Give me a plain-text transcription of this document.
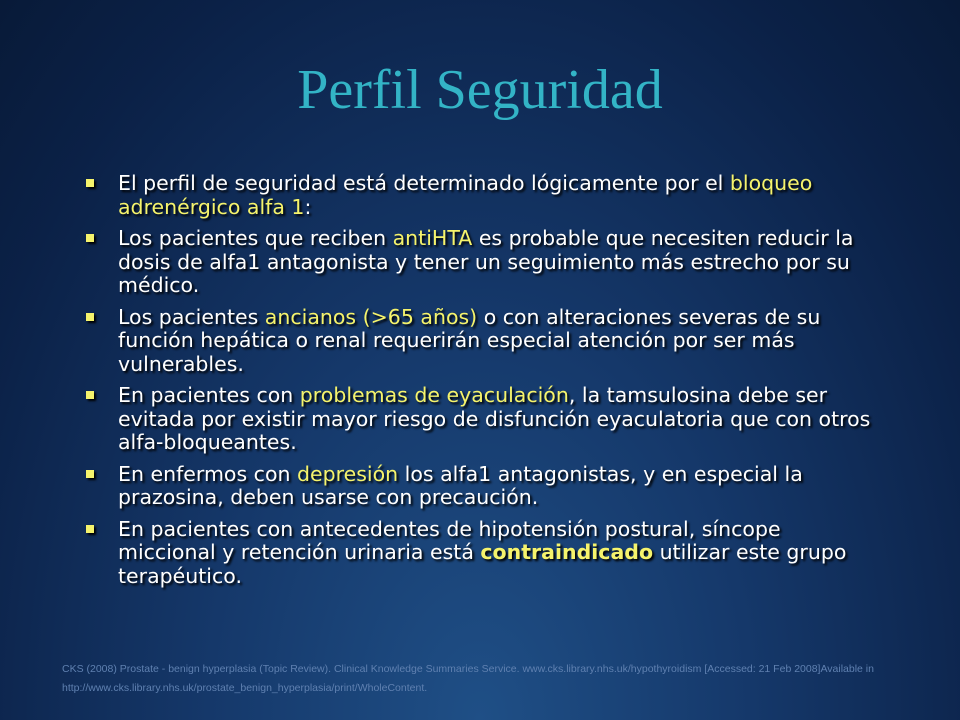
Perfil Seguridad
El perfil de seguridad está determinado lógicamente por el bloqueo adrenérgico alfa 1:
Los pacientes que reciben antiHTA es probable que necesiten reducir la dosis de alfa1 antagonista y tener un seguimiento más estrecho por su médico.
Los pacientes ancianos (>65 años) o con alteraciones severas de su función hepática o renal requerirán especial atención por ser más vulnerables.
En pacientes con problemas de eyaculación, la tamsulosina debe ser evitada por existir mayor riesgo de disfunción eyaculatoria que con otros alfa-bloqueantes.
En enfermos con depresión los alfa1 antagonistas, y en especial la prazosina, deben usarse con precaución.
En pacientes con antecedentes de hipotensión postural, síncope miccional y retención urinaria está contraindicado utilizar este grupo terapéutico.
CKS (2008) Prostate - benign hyperplasia (Topic Review). Clinical Knowledge Summaries Service. www.cks.library.nhs.uk/hypothyroidism [Accessed: 21 Feb 2008]Available in http://www.cks.library.nhs.uk/prostate_benign_hyperplasia/print/WholeContent.
